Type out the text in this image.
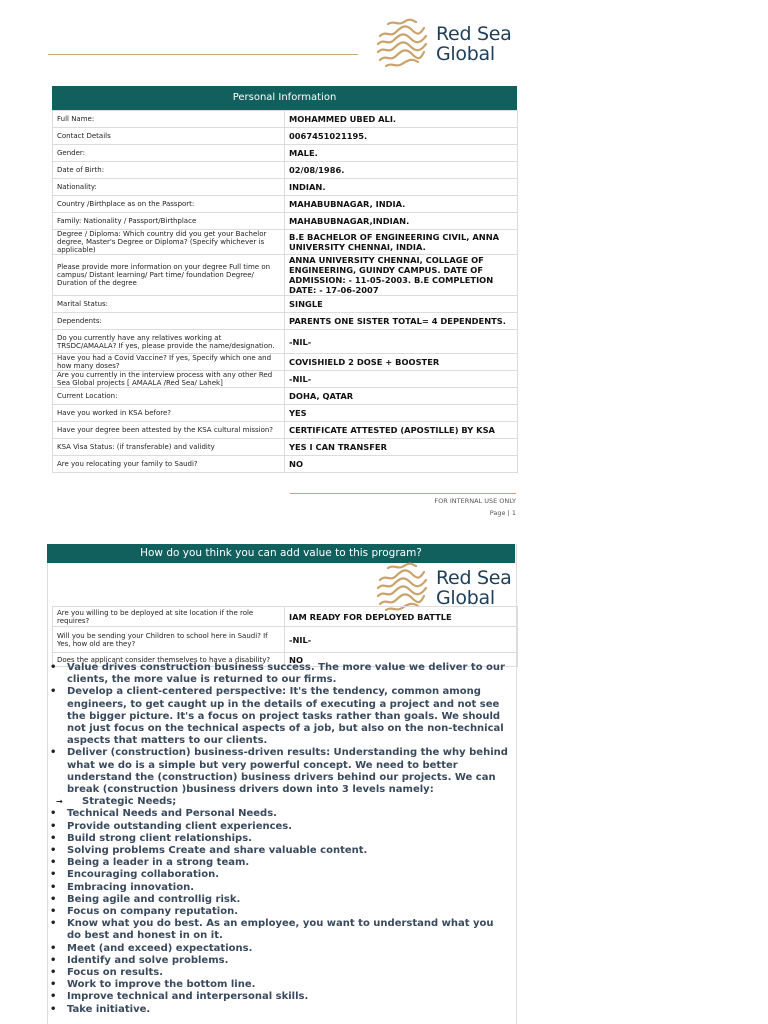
Red Sea
Global
Personal Information
Full Name:	MOHAMMED UBED ALI.
Contact Details	0067451021195.
Gender:	MALE.
Date of Birth:	02/08/1986.
Nationality:	INDIAN.
Country /Birthplace as on the Passport:	MAHABUBNAGAR, INDIA.
Family: Nationality / Passport/Birthplace	MAHABUBNAGAR,INDIAN.
Degree / Diploma: Which country did you get your Bachelor degree, Master's Degree or Diploma? (Specify whichever is applicable)	B.E BACHELOR OF ENGINEERING CIVIL, ANNA UNIVERSITY CHENNAI, INDIA.
Please provide more information on your degree Full time on campus/ Distant learning/ Part time/ foundation Degree/ Duration of the degree	ANNA UNIVERSITY CHENNAI, COLLAGE OF ENGINEERING, GUINDY CAMPUS. DATE OF ADMISSION: - 11-05-2003. B.E COMPLETION DATE: - 17-06-2007
Marital Status:	SINGLE
Dependents:	PARENTS ONE SISTER TOTAL= 4 DEPENDENTS.
Do you currently have any relatives working at TRSDC/AMAALA? If yes, please provide the name/designation.	-NIL-
Have you had a Covid Vaccine? If yes, Specify which one and how many doses?	COVISHIELD 2 DOSE + BOOSTER
Are you currently in the interview process with any other Red Sea Global projects [ AMAALA /Red Sea/ Lahek]	-NIL-
Current Location:	DOHA, QATAR
Have you worked in KSA before?	YES
Have your degree been attested by the KSA cultural mission?	CERTIFICATE ATTESTED (APOSTILLE) BY KSA
KSA Visa Status: (if transferable) and validity	YES I CAN TRANSFER
Are you relocating your family to Saudi?	NO
FOR INTERNAL USE ONLY
Page | 1
How do you think you can add value to this program?
Red Sea
Global
Are you willing to be deployed at site location if the role requires?	IAM READY FOR DEPLOYED BATTLE
Will you be sending your Children to school here in Saudi? If Yes, how old are they?	-NIL-
Does the applicant consider themselves to have a disability?	NO
• Value drives construction business success. The more value we deliver to our clients, the more value is returned to our firms.
• Develop a client-centered perspective: It's the tendency, common among engineers, to get caught up in the details of executing a project and not see the bigger picture. It's a focus on project tasks rather than goals. We should not just focus on the technical aspects of a job, but also on the non-technical aspects that matters to our clients.
• Deliver (construction) business-driven results: Understanding the why behind what we do is a simple but very powerful concept. We need to better understand the (construction) business drivers behind our projects. We can break (construction )business drivers down into 3 levels namely:
→ Strategic Needs;
• Technical Needs and Personal Needs.
• Provide outstanding client experiences.
• Build strong client relationships.
• Solving problems Create and share valuable content.
• Being a leader in a strong team.
• Encouraging collaboration.
• Embracing innovation.
• Being agile and controllig risk.
• Focus on company reputation.
• Know what you do best. As an employee, you want to understand what you do best and honest in on it.
• Meet (and exceed) expectations.
• Identify and solve problems.
• Focus on results.
• Work to improve the bottom line.
• Improve technical and interpersonal skills.
• Take initiative.
